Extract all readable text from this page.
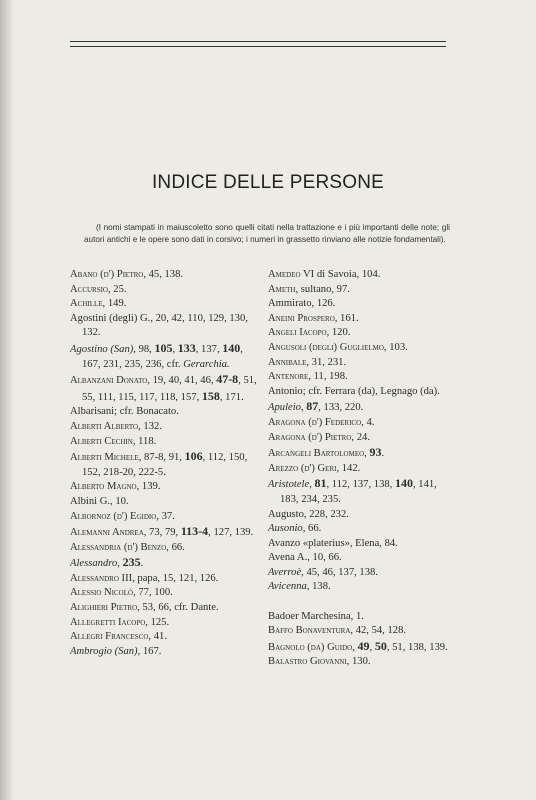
INDICE DELLE PERSONE
(I nomi stampati in maiuscoletto sono quelli citati nella trattazione e i più importanti delle note; gli autori antichi e le opere sono dati in corsivo; i numeri in grassetto rinviano alle notizie fondamentali).

Abano (d') Pietro, 45, 138.

Accursio, 25.

Achille, 149.

Agostini (degli) G., 20, 42, 110, 129, 130, 132.

Agostino (San), 98, 105, 133, 137, 140, 167, 231, 235, 236, cfr. Gerarchia.

Albanzani Donato, 19, 40, 41, 46, 47-8, 51, 55, 111, 115, 117, 118, 157, 158, 171.

Albarisani; cfr. Bonacato.

Alberti Alberto, 132.

Alberti Cechin, 118.

Alberti Michele, 87-8, 91, 106, 112, 150, 152, 218-20, 222-5.

Alberto Magno, 139.

Albini G., 10.

Albornoz (d') Egidio, 37.

Alemanni Andrea, 73, 79, 113-4, 127, 139.

Alessandria (d') Benzo, 66.

Alessandro, 235.

Alessandro III, papa, 15, 121, 126.

Alessio Nicolò, 77, 100.

Alighieri Pietro, 53, 66, cfr. Dante.

Allegretti Iacopo, 125.

Allegri Francesco, 41.

Ambrogio (San), 167.

Amedeo VI di Savoia, 104.

Ameth, sultano, 97.

Ammirato, 126.

Aneini Prospero, 161.

Angeli Iacopo, 120.

Angusoli (degli) Guglielmo, 103.

Annibale, 31, 231.

Antenore, 11, 198.

Antonio; cfr. Ferrara (da), Legnago (da).

Apuleio, 87, 133, 220.

Aragona (d') Federico, 4.

Aragona (d') Pietro, 24.

Arcangeli Bartolomeo, 93.

Arezzo (d') Geri, 142.

Aristotele, 81, 112, 137, 138, 140, 141, 183, 234, 235.

Augusto, 228, 232.

Ausonio, 66.

Avanzo «platerius», Elena, 84.

Avena A., 10, 66.

Averroè, 45, 46, 137, 138.

Avicenna, 138.

Badoer Marchesina, 1.

Baffo Bonaventura, 42, 54, 128.

Bagnolo (da) Guido, 49, 50, 51, 138, 139.

Balastro Giovanni, 130.
